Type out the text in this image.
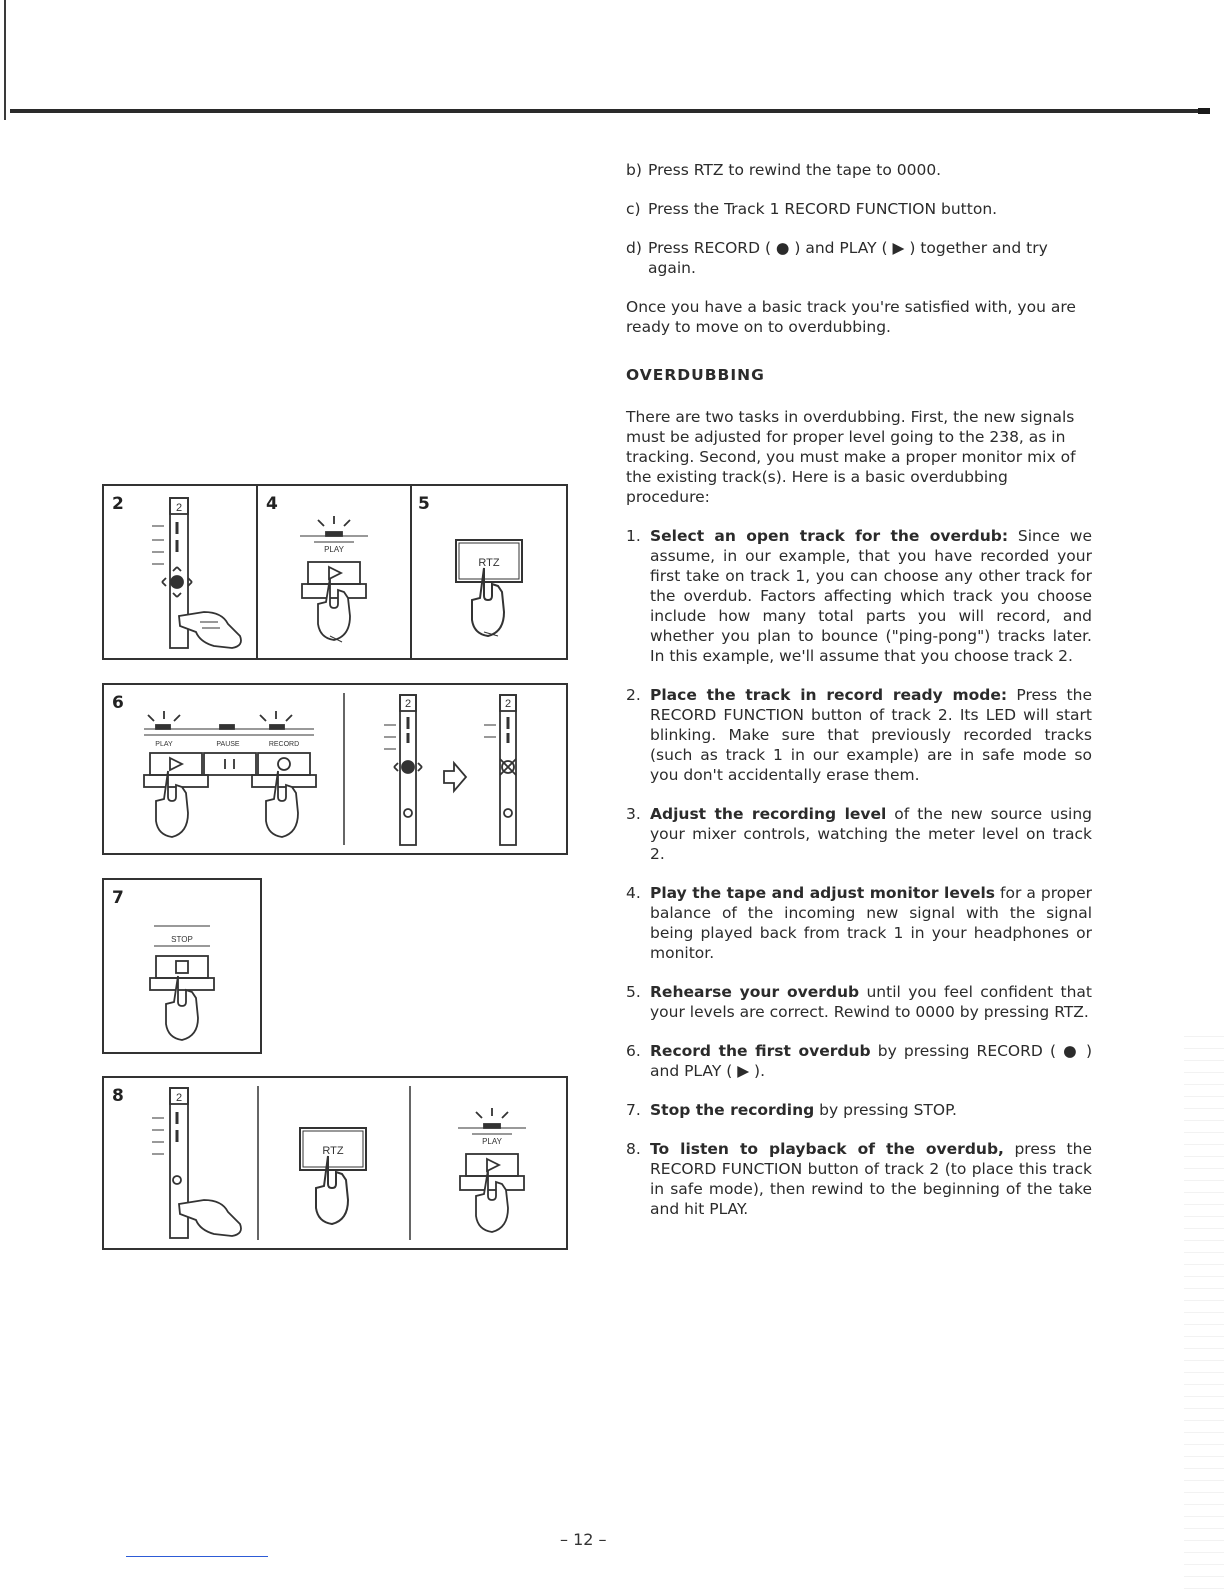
b) Press RTZ to rewind the tape to 0000.
c) Press the Track 1 RECORD FUNCTION button.
d) Press RECORD ( ● ) and PLAY ( ▶ ) together and try again.

Once you have a basic track you're satisfied with, you are ready to move on to overdubbing.

OVERDUBBING

There are two tasks in overdubbing. First, the new signals must be adjusted for proper level going to the 238, as in tracking. Second, you must make a proper monitor mix of the existing track(s). Here is a basic overdubbing procedure:

1. Select an open track for the overdub: Since we assume, in our example, that you have recorded your first take on track 1, you can choose any other track for the overdub. Factors affecting which track you choose include how many total parts you will record, and whether you plan to bounce ("ping-pong") tracks later. In this example, we'll assume that you choose track 2.
2. Place the track in record ready mode: Press the RECORD FUNCTION button of track 2. Its LED will start blinking. Make sure that previously recorded tracks (such as track 1 in our example) are in safe mode so you don't accidentally erase them.
3. Adjust the recording level of the new source using your mixer controls, watching the meter level on track 2.
4. Play the tape and adjust monitor levels for a proper balance of the incoming new signal with the signal being played back from track 1 in your headphones or monitor.
5. Rehearse your overdub until you feel confident that your levels are correct. Rewind to 0000 by pressing RTZ.
6. Record the first overdub by pressing RECORD ( ● ) and PLAY ( ▶ ).
7. Stop the recording by pressing STOP.
8. To listen to playback of the overdub, press the RECORD FUNCTION button of track 2 (to place this track in safe mode), then rewind to the beginning of the take and hit PLAY.
2	4	5
PLAY
RTZ
2
6
PLAY	PAUSE	RECORD
2	2
7
STOP
8	2
RTZ
PLAY
– 12 –
